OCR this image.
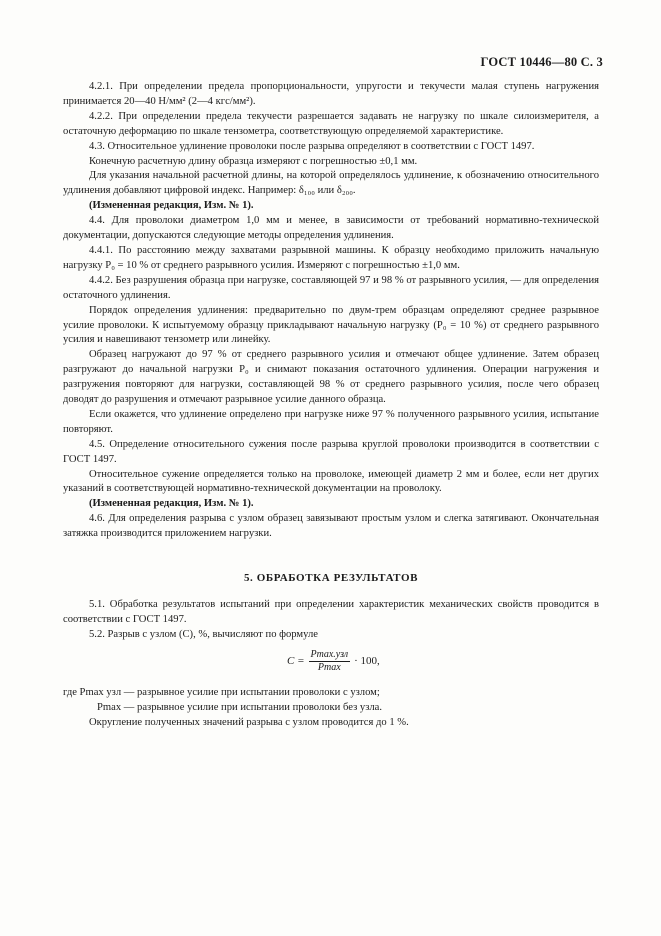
ГОСТ 10446—80 С. 3

4.2.1. При определении предела пропорциональности, упругости и текучести малая ступень нагружения принимается 20—40 Н/мм² (2—4 кгс/мм²).

4.2.2. При определении предела текучести разрешается задавать не нагрузку по шкале силоизмерителя, а остаточную деформацию по шкале тензометра, соответствующую определяемой характеристике.

4.3. Относительное удлинение проволоки после разрыва определяют в соответствии с ГОСТ 1497.

Конечную расчетную длину образца измеряют с погрешностью ±0,1 мм.

Для указания начальной расчетной длины, на которой определялось удлинение, к обозначению относительного удлинения добавляют цифровой индекс. Например: δ₁₀₀ или δ₂₀₀.

(Измененная редакция, Изм. № 1).

4.4. Для проволоки диаметром 1,0 мм и менее, в зависимости от требований нормативно-технической документации, допускаются следующие методы определения удлинения.

4.4.1. По расстоянию между захватами разрывной машины. К образцу необходимо приложить начальную нагрузку P₀ = 10 % от среднего разрывного усилия. Измеряют с погрешностью ±1,0 мм.

4.4.2. Без разрушения образца при нагрузке, составляющей 97 и 98 % от разрывного усилия, — для определения остаточного удлинения.

Порядок определения удлинения: предварительно по двум-трем образцам определяют среднее разрывное усилие проволоки. К испытуемому образцу прикладывают начальную нагрузку (P₀ = 10 %) от среднего разрывного усилия и навешивают тензометр или линейку.

Образец нагружают до 97 % от среднего разрывного усилия и отмечают общее удлинение. Затем образец разгружают до начальной нагрузки P₀ и снимают показания остаточного удлинения. Операции нагружения и разгружения повторяют для нагрузки, составляющей 98 % от среднего разрывного усилия, после чего образец доводят до разрушения и отмечают разрывное усилие данного образца.

Если окажется, что удлинение определено при нагрузке ниже 97 % полученного разрывного усилия, испытание повторяют.

4.5. Определение относительного сужения после разрыва круглой проволоки производится в соответствии с ГОСТ 1497.

Относительное сужение определяется только на проволоке, имеющей диаметр 2 мм и более, если нет других указаний в соответствующей нормативно-технической документации на проволоку.

(Измененная редакция, Изм. № 1).

4.6. Для определения разрыва с узлом образец завязывают простым узлом и слегка затягивают. Окончательная затяжка производится приложением нагрузки.

5. ОБРАБОТКА РЕЗУЛЬТАТОВ

5.1. Обработка результатов испытаний при определении характеристик механических свойств проводится в соответствии с ГОСТ 1497.

5.2. Разрыв с узлом (C), %, вычисляют по формуле

$C = \frac{\text{Pmax.узл}}{Pmax} \cdot 100$,

где Pmax узл — разрывное усилие при испытании проволоки с узлом;

Pmax — разрывное усилие при испытании проволоки без узла.

Округление полученных значений разрыва с узлом проводится до 1 %.
